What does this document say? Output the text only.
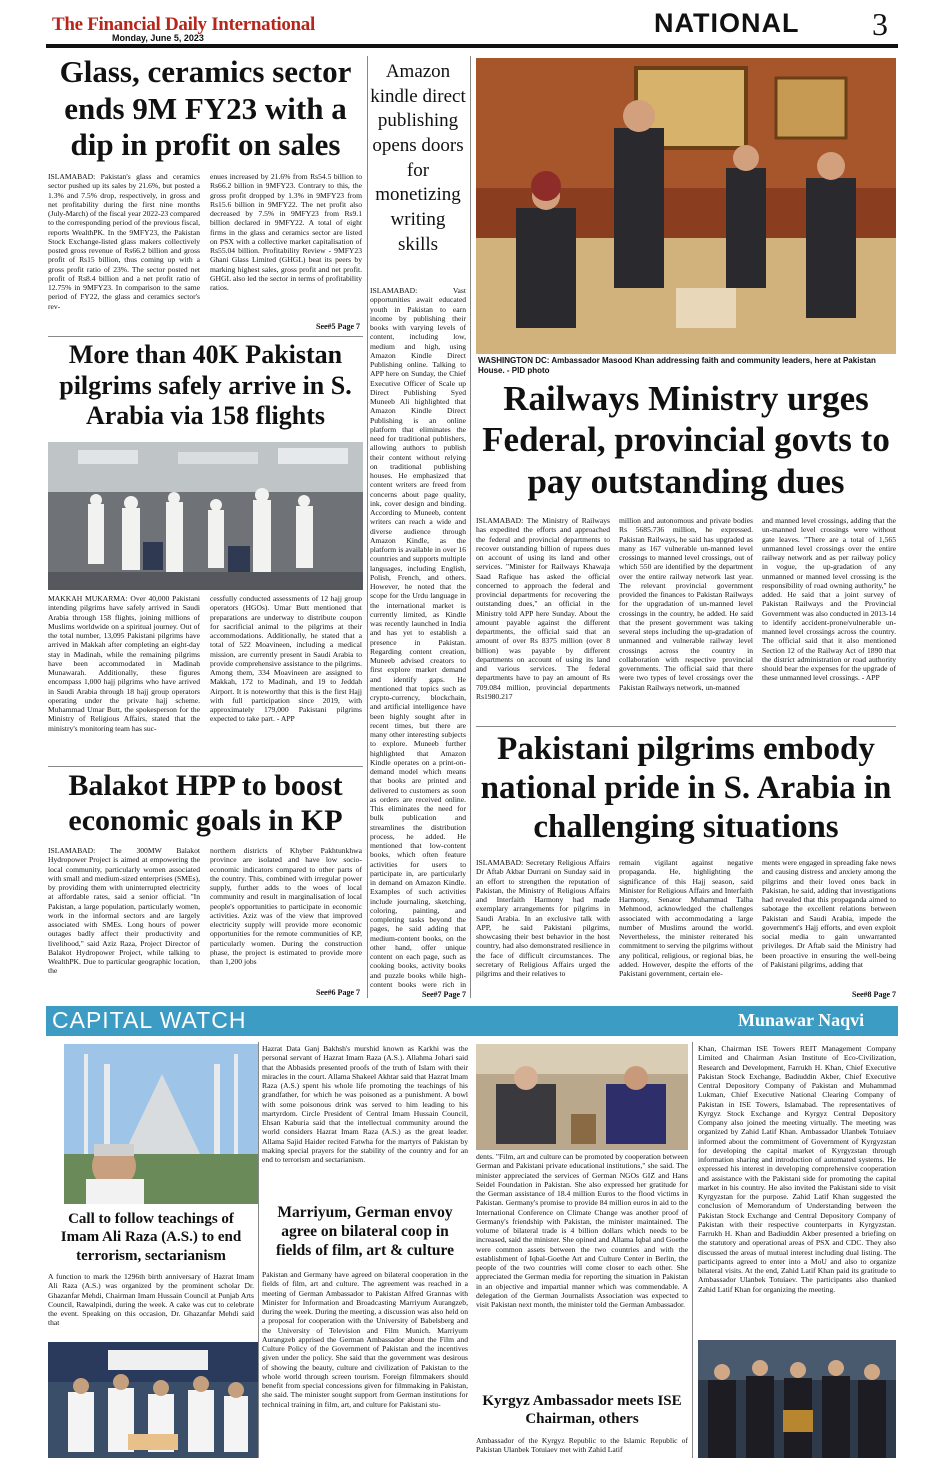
The Financial Daily International
Monday, June 5, 2023	NATIONAL 3
Glass, ceramics sector ends 9M FY23 with a dip in profit on sales

ISLAMABAD: Pakistan's glass and ceramics sector pushed up its sales by 21.6%, but posted a 1.3% and 7.5% drop, respectively, in gross and net profitability during the first nine months (July-March) of the fiscal year 2022-23 compared to the corresponding period of the previous fiscal, reports WealthPK. In the 9MFY23, the Pakistan Stock Exchange-listed glass makers collectively posted gross revenue of Rs66.2 billion and gross profit of Rs15 billion, thus coming up with a gross profit ratio of 23%. The sector posted net profit of Rs8.4 billion and a net profit ratio of 12.75% in 9MFY23. In comparison to the same period of FY22, the glass and ceramics sector's rev-

enues increased by 21.6% from Rs54.5 billion to Rs66.2 billion in 9MFY23. Contrary to this, the gross profit dropped by 1.3% in 9MFY23 from Rs15.6 billion in 9MFY22. The net profit also decreased by 7.5% in 9MFY23 from Rs9.1 billion declared in 9MFY22. A total of eight firms in the glass and ceramics sector are listed on PSX with a collective market capitalisation of Rs55.04 billion. Profitability Review - 9MFY23 Ghani Glass Limited (GHGL) beat its peers by marking highest sales, gross profit and net profit. GHGL also led the sector in terms of profitability ratios.

See#5 Page 7
Amazon kindle direct publishing opens doors for monetizing writing skills

ISLAMABAD: Vast opportunities await educated youth in Pakistan to earn income by publishing their books with varying levels of content, including low, medium and high, using Amazon Kindle Direct Publishing online. Talking to APP here on Sunday, the Chief Executive Officer of Scale up Direct Publishing Syed Muneeb Ali highlighted that Amazon Kindle Direct Publishing is an online platform that eliminates the need for traditional publishers, allowing authors to publish their content without relying on traditional publishing houses. He emphasized that content writers are freed from concerns about page quality, ink, cover design and binding. According to Muneeb, content writers can reach a wide and diverse audience through Amazon Kindle, as the platform is available in over 16 countries and supports multiple languages, including English, Polish, French, and others. However, he noted that the scope for the Urdu language in the international market is currently limited, as Kindle was recently launched in India and has yet to establish a presence in Pakistan. Regarding content creation, Muneeb advised creators to first explore market demand and identify gaps. He mentioned that topics such as crypto-currency, blockchain, and artificial intelligence have been highly sought after in recent times, but there are many other interesting subjects to explore. Muneeb further highlighted that Amazon Kindle operates on a print-on-demand model which means that books are printed and delivered to customers as soon as orders are received online. This eliminates the need for bulk publication and streamlines the distribution process, he added. He mentioned that low-content books, which often feature activities for users to participate in, are particularly in demand on Amazon Kindle. Examples of such activities include journaling, sketching, coloring, painting, and completing tasks beyond the pages, he said adding that medium-content books, on the other hand, offer unique content on each page, such as cooking books, activity books and puzzle books while high-content books were rich in

See#7 Page 7
More than 40K Pakistan pilgrims safely arrive in S. Arabia via 158 flights

MAKKAH MUKARMA: Over 40,000 Pakistani intending pilgrims have safely arrived in Saudi Arabia through 158 flights, joining millions of Muslims worldwide on a spiritual journey. Out of the total number, 13,095 Pakistani pilgrims have arrived in Makkah after completing an eight-day stay in Madinah, while the remaining pilgrims have been accommodated in Madinah Munawarah. Additionally, these figures encompass 1,000 hajj pilgrims who have arrived in Saudi Arabia through 18 hajj group operators operating under the private hajj scheme. Muhammad Umar Butt, the spokesperson for the Ministry of Religious Affairs, stated that the ministry's monitoring team has suc-

cessfully conducted assessments of 12 hajj group operators (HGOs). Umar Butt mentioned that preparations are underway to distribute coupon for sacrificial animal to the pilgrims at their accommodations. Additionally, he stated that a total of 522 Moavineen, including a medical mission, are currently present in Saudi Arabia to provide comprehensive assistance to the pilgrims. Among them, 334 Moavineen are assigned to Makkah, 172 to Madinah, and 19 to Jeddah Airport. It is noteworthy that this is the first Hajj with full participation since 2019, with approximately 179,000 Pakistani pilgrims expected to take part. - APP

Balakot HPP to boost economic goals in KP

ISLAMABAD: The 300MW Balakot Hydropower Project is aimed at empowering the local community, particularly women associated with small and medium-sized enterprises (SMEs), by providing them with uninterrupted electricity at affordable rates, said a senior official. "In Pakistan, a large population, particularly women, work in the informal sectors and are largely associated with SMEs. Long hours of power outages badly affect their productivity and livelihood," said Aziz Raza, Project Director of Balakot Hydropower Project, while talking to WealthPK. Due to particular geographic location, the

northern districts of Khyber Pakhtunkhwa province are isolated and have low socio-economic indicators compared to other parts of the country. This, combined with irregular power supply, further adds to the woes of local community and result in marginalisation of local people's opportunities to participate in economic activities. Aziz was of the view that improved electricity supply will provide more economic opportunities for the remote communities of KP, particularly women. During the construction phase, the project is estimated to provide more than 1,200 jobs

See#6 Page 7
WASHINGTON DC: Ambassador Masood Khan addressing faith and community leaders, here at Pakistan House. - PID photo
Railways Ministry urges Federal, provincial govts to pay outstanding dues

ISLAMABAD: The Ministry of Railways has expedited the efforts and approached the federal and provincial departments to recover outstanding billion of rupees dues on account of using its land and other services. "Minister for Railways Khawaja Saad Rafique has asked the official concerned to approach the federal and provincial departments for recovering the outstanding dues," an official in the Ministry told APP here Sunday. About the amount payable against the different departments, the official said that an amount of over Rs 8375 million (over 8 billion) was payable by different departments on account of using its land and various services. The federal departments have to pay an amount of Rs 709.084 million, provincial departments Rs1980.217

million and autonomous and private bodies Rs 5685.736 million, he expressed. Pakistan Railways, he said has upgraded as many as 167 vulnerable un-manned level crossings to manned level crossings, out of which 550 are identified by the department over the entire railway network last year. The relevant provincial government provided the finances to Pakistan Railways for the upgradation of un-manned level crossings in the country, he added. He said that the present government was taking several steps including the up-gradation of unmanned and vulnerable railway level crossings across the country in collaboration with respective provincial governments. The official said that there were two types of level crossings over the Pakistan Railways network, un-manned

and manned level crossings, adding that the un-manned level crossings were without gate leaves. "There are a total of 1,565 unmanned level crossings over the entire railway network and as per railway policy in vogue, the up-gradation of any unmanned or manned level crossing is the responsibility of road owning authority," he added. He said that a joint survey of Pakistan Railways and the Provincial Government was also conducted in 2013-14 to identify accident-prone/vulnerable un-manned level crossings across the country. The official said that it also mentioned Section 12 of the Railway Act of 1890 that the district administration or road authority should bear the expenses for the upgrade of these unmanned level crossings. - APP

Pakistani pilgrims embody national pride in S. Arabia in challenging situations

ISLAMABAD: Secretary Religious Affairs Dr Aftab Akbar Durrani on Sunday said in an effort to strengthen the reputation of Pakistan, the Ministry of Religious Affairs and Interfaith Harmony had made exemplary arrangements for pilgrims in Saudi Arabia. In an exclusive talk with APP, he said Pakistani pilgrims, showcasing their best behavior in the host country, had also demonstrated resilience in the face of difficult circumstances. The secretary of Religious Affairs urged the pilgrims and their relatives to

remain vigilant against negative propaganda. He, highlighting the significance of this Hajj season, said Minister for Religious Affairs and Interfaith Harmony, Senator Muhammad Talha Mehmood, acknowledged the challenges associated with accommodating a large number of Muslims around the world. Nevertheless, the minister reiterated his commitment to serving the pilgrims without any political, religious, or regional bias, he added. However, despite the efforts of the Pakistani government, certain ele-

ments were engaged in spreading fake news and causing distress and anxiety among the pilgrims and their loved ones back in Pakistan, he said, adding that investigations had revealed that this propaganda aimed to sabotage the excellent relations between Pakistan and Saudi Arabia, impede the government's Hajj efforts, and even exploit social media to gain unwarranted privileges. Dr Aftab said the Ministry had been proactive in ensuring the well-being of Pakistani pilgrims, adding that

See#8 Page 7
CAPITAL WATCH	Munawar Naqvi
Call to follow teachings of Imam Ali Raza (A.S.) to end terrorism, sectarianism

A function to mark the 1296th birth anniversary of Hazrat Imam Ali Raza (A.S.) was organized by the prominent scholar Dr. Ghazanfar Mehdi, Chairman Imam Hussain Council at Punjab Arts Council, Rawalpindi, during the week. A cake was cut to celebrate the event. Speaking on this occasion, Dr. Ghazanfar Mehdi said that

Hazrat Data Ganj Bakhsh's murshid known as Karkhi was the personal servant of Hazrat Imam Raza (A.S.). Allahma Johari said that the Abbasids presented proofs of the truth of Islam with their miracles in the court. Allama Shakeel Akhtar said that Hazrat Imam Raza (A.S.) spent his whole life promoting the teachings of his grandfather, for which he was poisoned as a punishment. A bowl with some poisonous drink was served to him leading to his martyrdom. Circle President of Central Imam Hussain Council, Ehsan Kaburia said that the intellectual community around the world considers Hazrat Imam Raza (A.S.) as the great leader. Allama Sajid Haider recited Fatwha for the martyrs of Pakistan by making special prayers for the stability of the country and for an end to terrorism and sectarianism.

Marriyum, German envoy agree on bilateral coop in fields of film, art & culture

Pakistan and Germany have agreed on bilateral cooperation in the fields of film, art and culture. The agreement was reached in a meeting of German Ambassador to Pakistan Alfred Grannas with Minister for Information and Broadcasting Marriyum Aurangzeb, during the week. During the meeting, a discussion was also held on a proposal for cooperation with the University of Babelsberg and the University of Television and Film Munich. Marriyum Aurangzeb apprised the German Ambassador about the Film and Culture Policy of the Government of Pakistan and the incentives given under the policy. She said that the government was desirous of showing the beauty, culture and civilization of Pakistan to the whole world through screen tourism. Foreign filmmakers should benefit from special concessions given for filmmaking in Pakistan, she said. The minister sought support from German institutions for technical training in film, art, and culture for Pakistani stu-

dents. "Film, art and culture can be promoted by cooperation between German and Pakistani private educational institutions," she said. The minister appreciated the services of German NGOs GIZ and Hans Seidel Foundation in Pakistan. She also expressed her gratitude for the German assistance of 18.4 million Euros to the flood victims in Pakistan. Germany's promise to provide 84 million euros in aid to the International Conference on Climate Change was another proof of Germany's friendship with Pakistan, the minister maintained. The volume of bilateral trade is 4 billion dollars which needs to be increased, said the minister. She opined and Allama Iqbal and Goethe were common assets between the two countries and with the establishment of Iqbal-Goethe Art and Culture Center in Berlin, the people of the two countries will come closer to each other. She appreciated the German media for reporting the situation in Pakistan in an objective and impartial manner which was commendable. A delegation of the German Journalists Association was expected to visit Pakistan next month, the minister told the German Ambassador.

Kyrgyz Ambassador meets ISE Chairman, others

Ambassador of the Kyrgyz Republic to the Islamic Republic of Pakistan Ulanbek Totuiaev met with Zahid Latif

Khan, Chairman ISE Towers REIT Management Company Limited and Chairman Asian Institute of Eco-Civilization, Research and Development, Farrukh H. Khan, Chief Executive Pakistan Stock Exchange, Badiuddin Akber, Chief Executive Central Depository Company of Pakistan and Muhammad Lukman, Chief Executive National Clearing Company of Pakistan in ISE Towers, Islamabad. The representatives of Kyrgyz Stock Exchange and Kyrgyz Central Depository Company also joined the meeting virtually. The meeting was organized by Zahid Latif Khan. Ambassador Ulanbek Totuiaev informed about the commitment of Government of Kyrgyzstan for developing the capital market of Kyrgyzstan through information sharing and introduction of automated systems. He expressed his interest in developing comprehensive cooperation and assistance with the Pakistani side for promoting the capital market in his country. He also invited the Pakistani side to visit Kyrgyzstan for the purpose. Zahid Latif Khan suggested the conclusion of Memorandum of Understanding between the Pakistan Stock Exchange and Central Depository Company of Pakistan with their respective counterparts in Kyrgyzstan. Farrukh H. Khan and Badiuddin Akber presented a briefing on the statutory and operational areas of PSX and CDC. They also discussed the areas of mutual interest including dual listing. The participants agreed to enter into a MoU and also to organize bilateral visits. At the end, Zahid Latif Khan paid its gratitude to Ambassador Ulanbek Totuiaev. The participants also thanked Zahid Latif Khan for organizing the meeting.
